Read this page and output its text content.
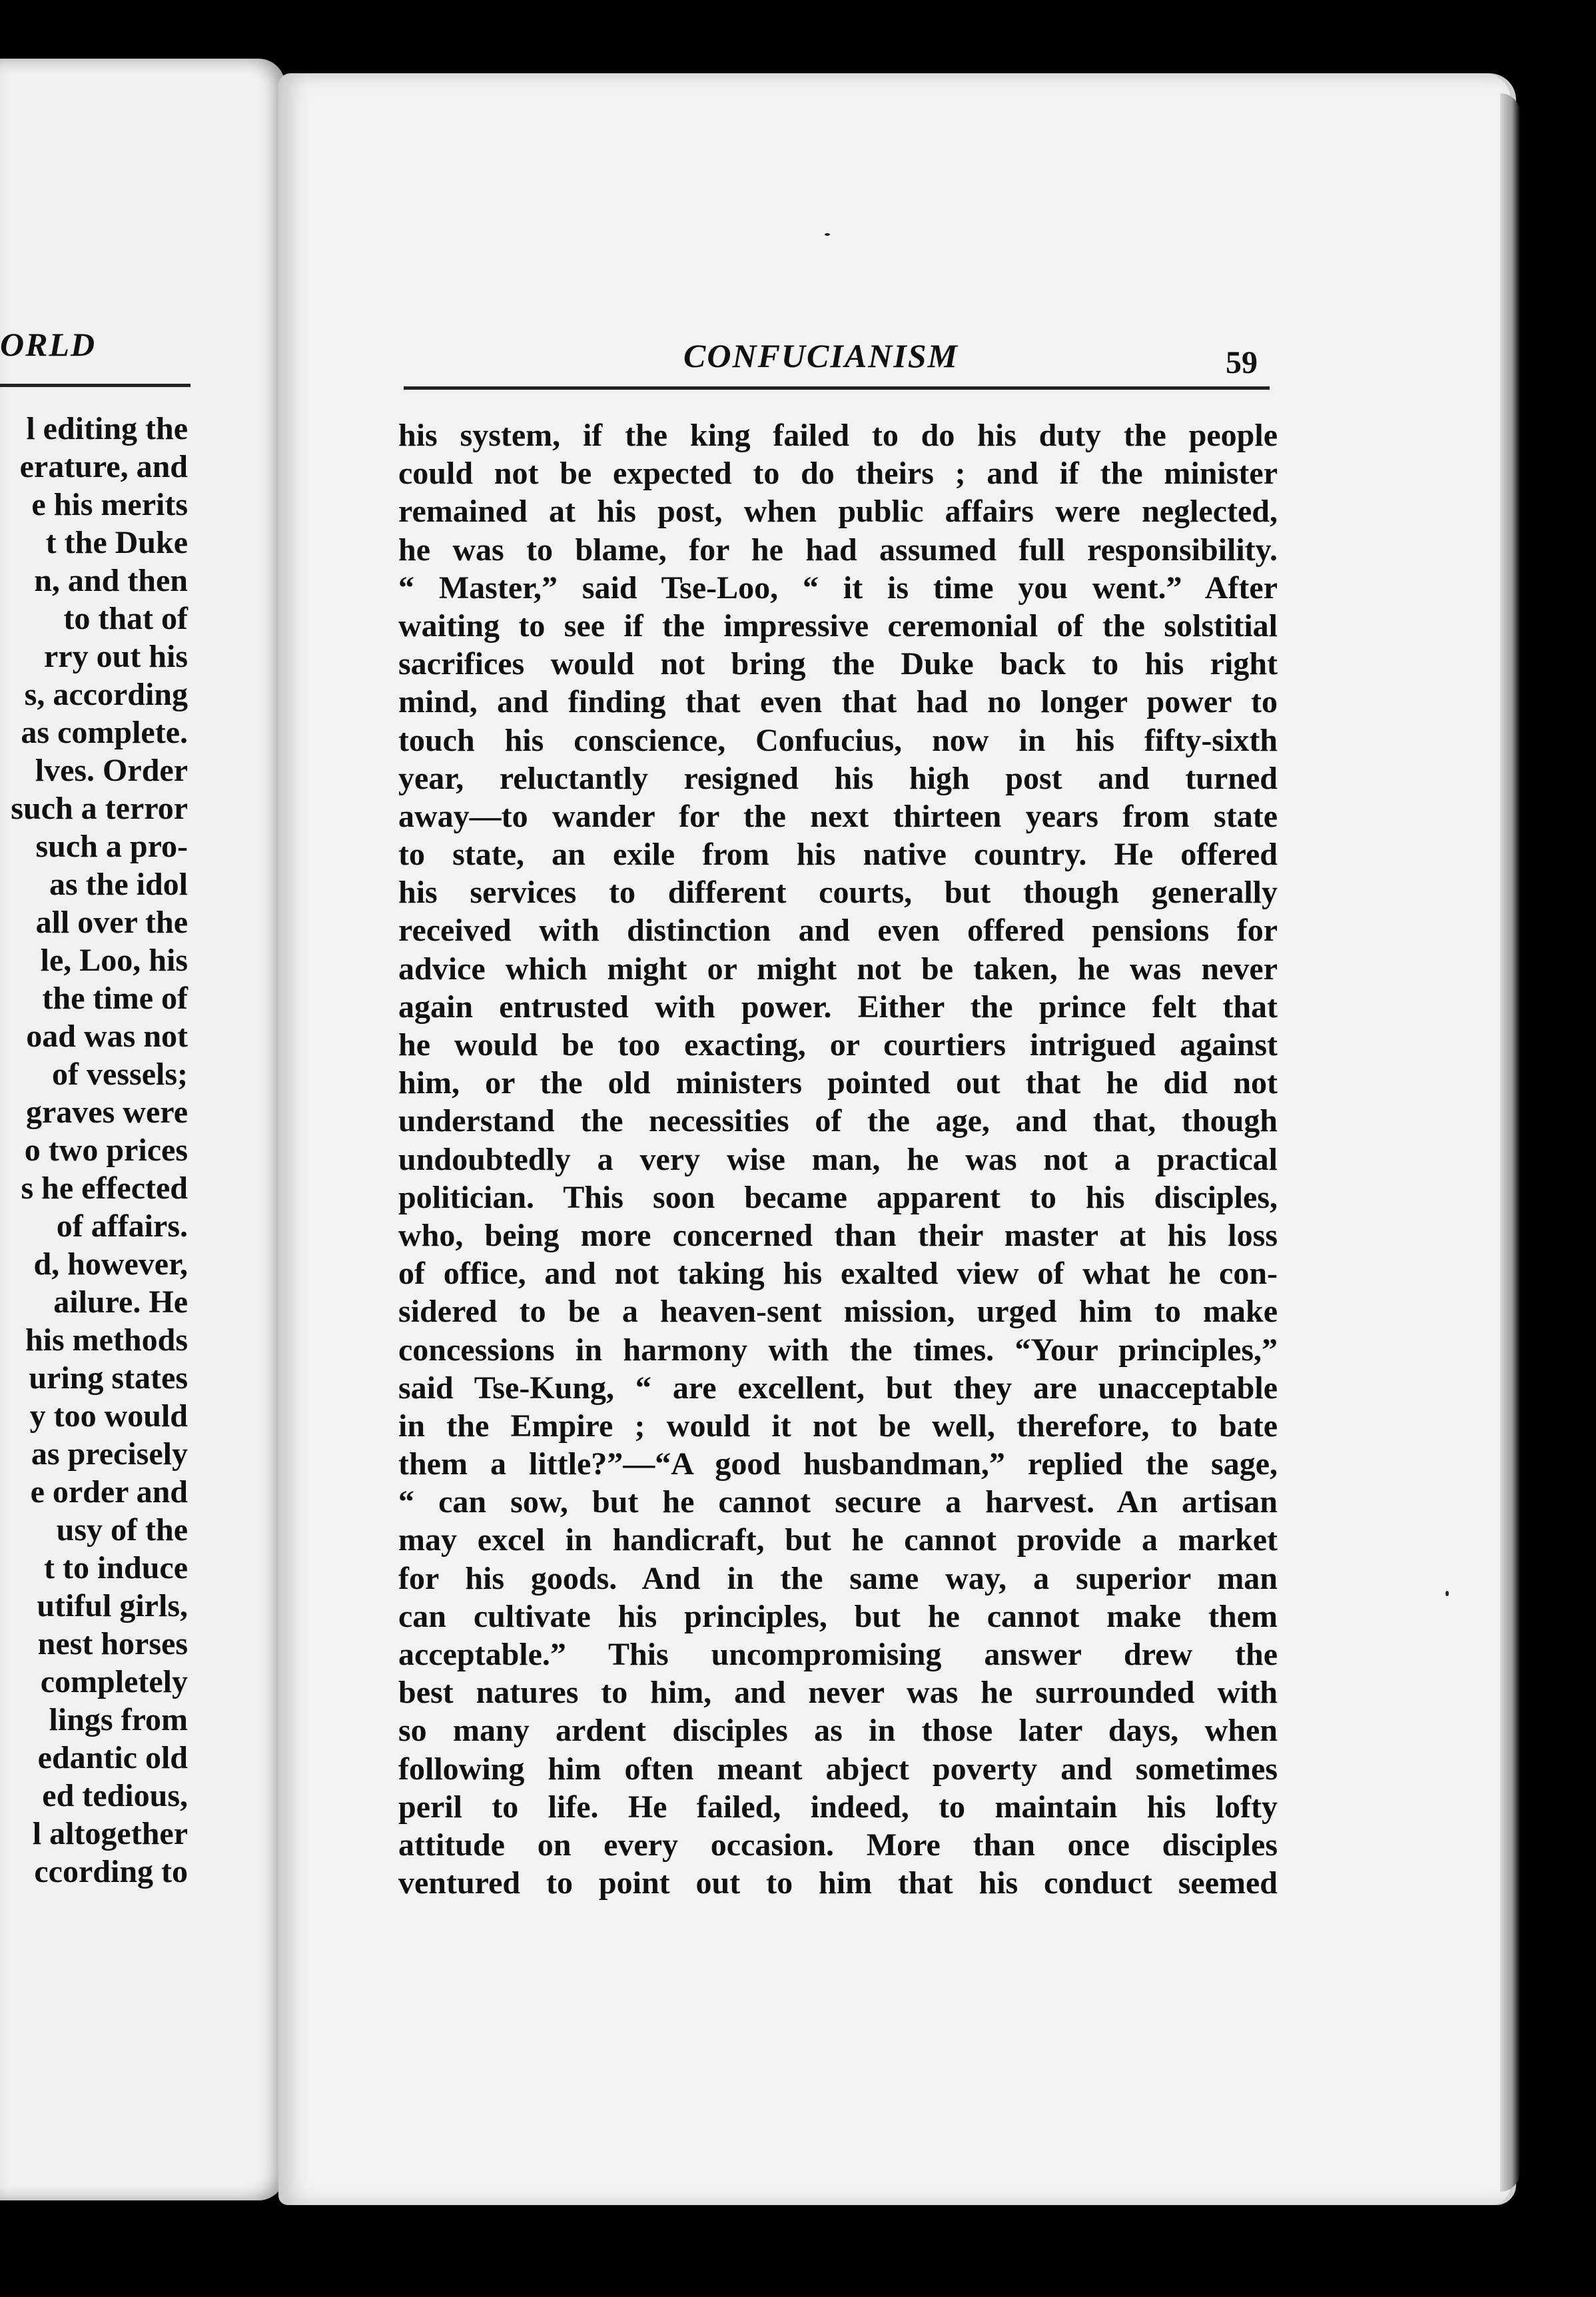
ORLD
l editing the
erature, and
e his merits
t the Duke
n, and then
to that of
rry out his
s, according
as complete.
lves. Order
such a terror
such a pro-
as the idol
all over the
le, Loo, his
the time of
oad was not
of vessels;
graves were
o two prices
s he effected
of affairs.
d, however,
ailure. He
his methods
uring states
y too would
as precisely
e order and
usy of the
t to induce
utiful girls,
nest horses
completely
lings from
edantic old
ed tedious,
l altogether
ccording to
CONFUCIANISM	59
his system, if the king failed to do his duty the people
could not be expected to do theirs ; and if the minister
remained at his post, when public affairs were neglected,
he was to blame, for he had assumed full responsibility.
“ Master,” said Tse-Loo, “ it is time you went.” After
waiting to see if the impressive ceremonial of the solstitial
sacrifices would not bring the Duke back to his right
mind, and finding that even that had no longer power to
touch his conscience, Confucius, now in his fifty-sixth
year, reluctantly resigned his high post and turned
away—to wander for the next thirteen years from state
to state, an exile from his native country. He offered
his services to different courts, but though generally
received with distinction and even offered pensions for
advice which might or might not be taken, he was never
again entrusted with power. Either the prince felt that
he would be too exacting, or courtiers intrigued against
him, or the old ministers pointed out that he did not
understand the necessities of the age, and that, though
undoubtedly a very wise man, he was not a practical
politician. This soon became apparent to his disciples,
who, being more concerned than their master at his loss
of office, and not taking his exalted view of what he con-
sidered to be a heaven-sent mission, urged him to make
concessions in harmony with the times. “Your principles,”
said Tse-Kung, “ are excellent, but they are unacceptable
in the Empire ; would it not be well, therefore, to bate
them a little?”—“A good husbandman,” replied the sage,
“ can sow, but he cannot secure a harvest. An artisan
may excel in handicraft, but he cannot provide a market
for his goods. And in the same way, a superior man
can cultivate his principles, but he cannot make them
acceptable.” This uncompromising answer drew the
best natures to him, and never was he surrounded with
so many ardent disciples as in those later days, when
following him often meant abject poverty and sometimes
peril to life. He failed, indeed, to maintain his lofty
attitude on every occasion. More than once disciples
ventured to point out to him that his conduct seemed
